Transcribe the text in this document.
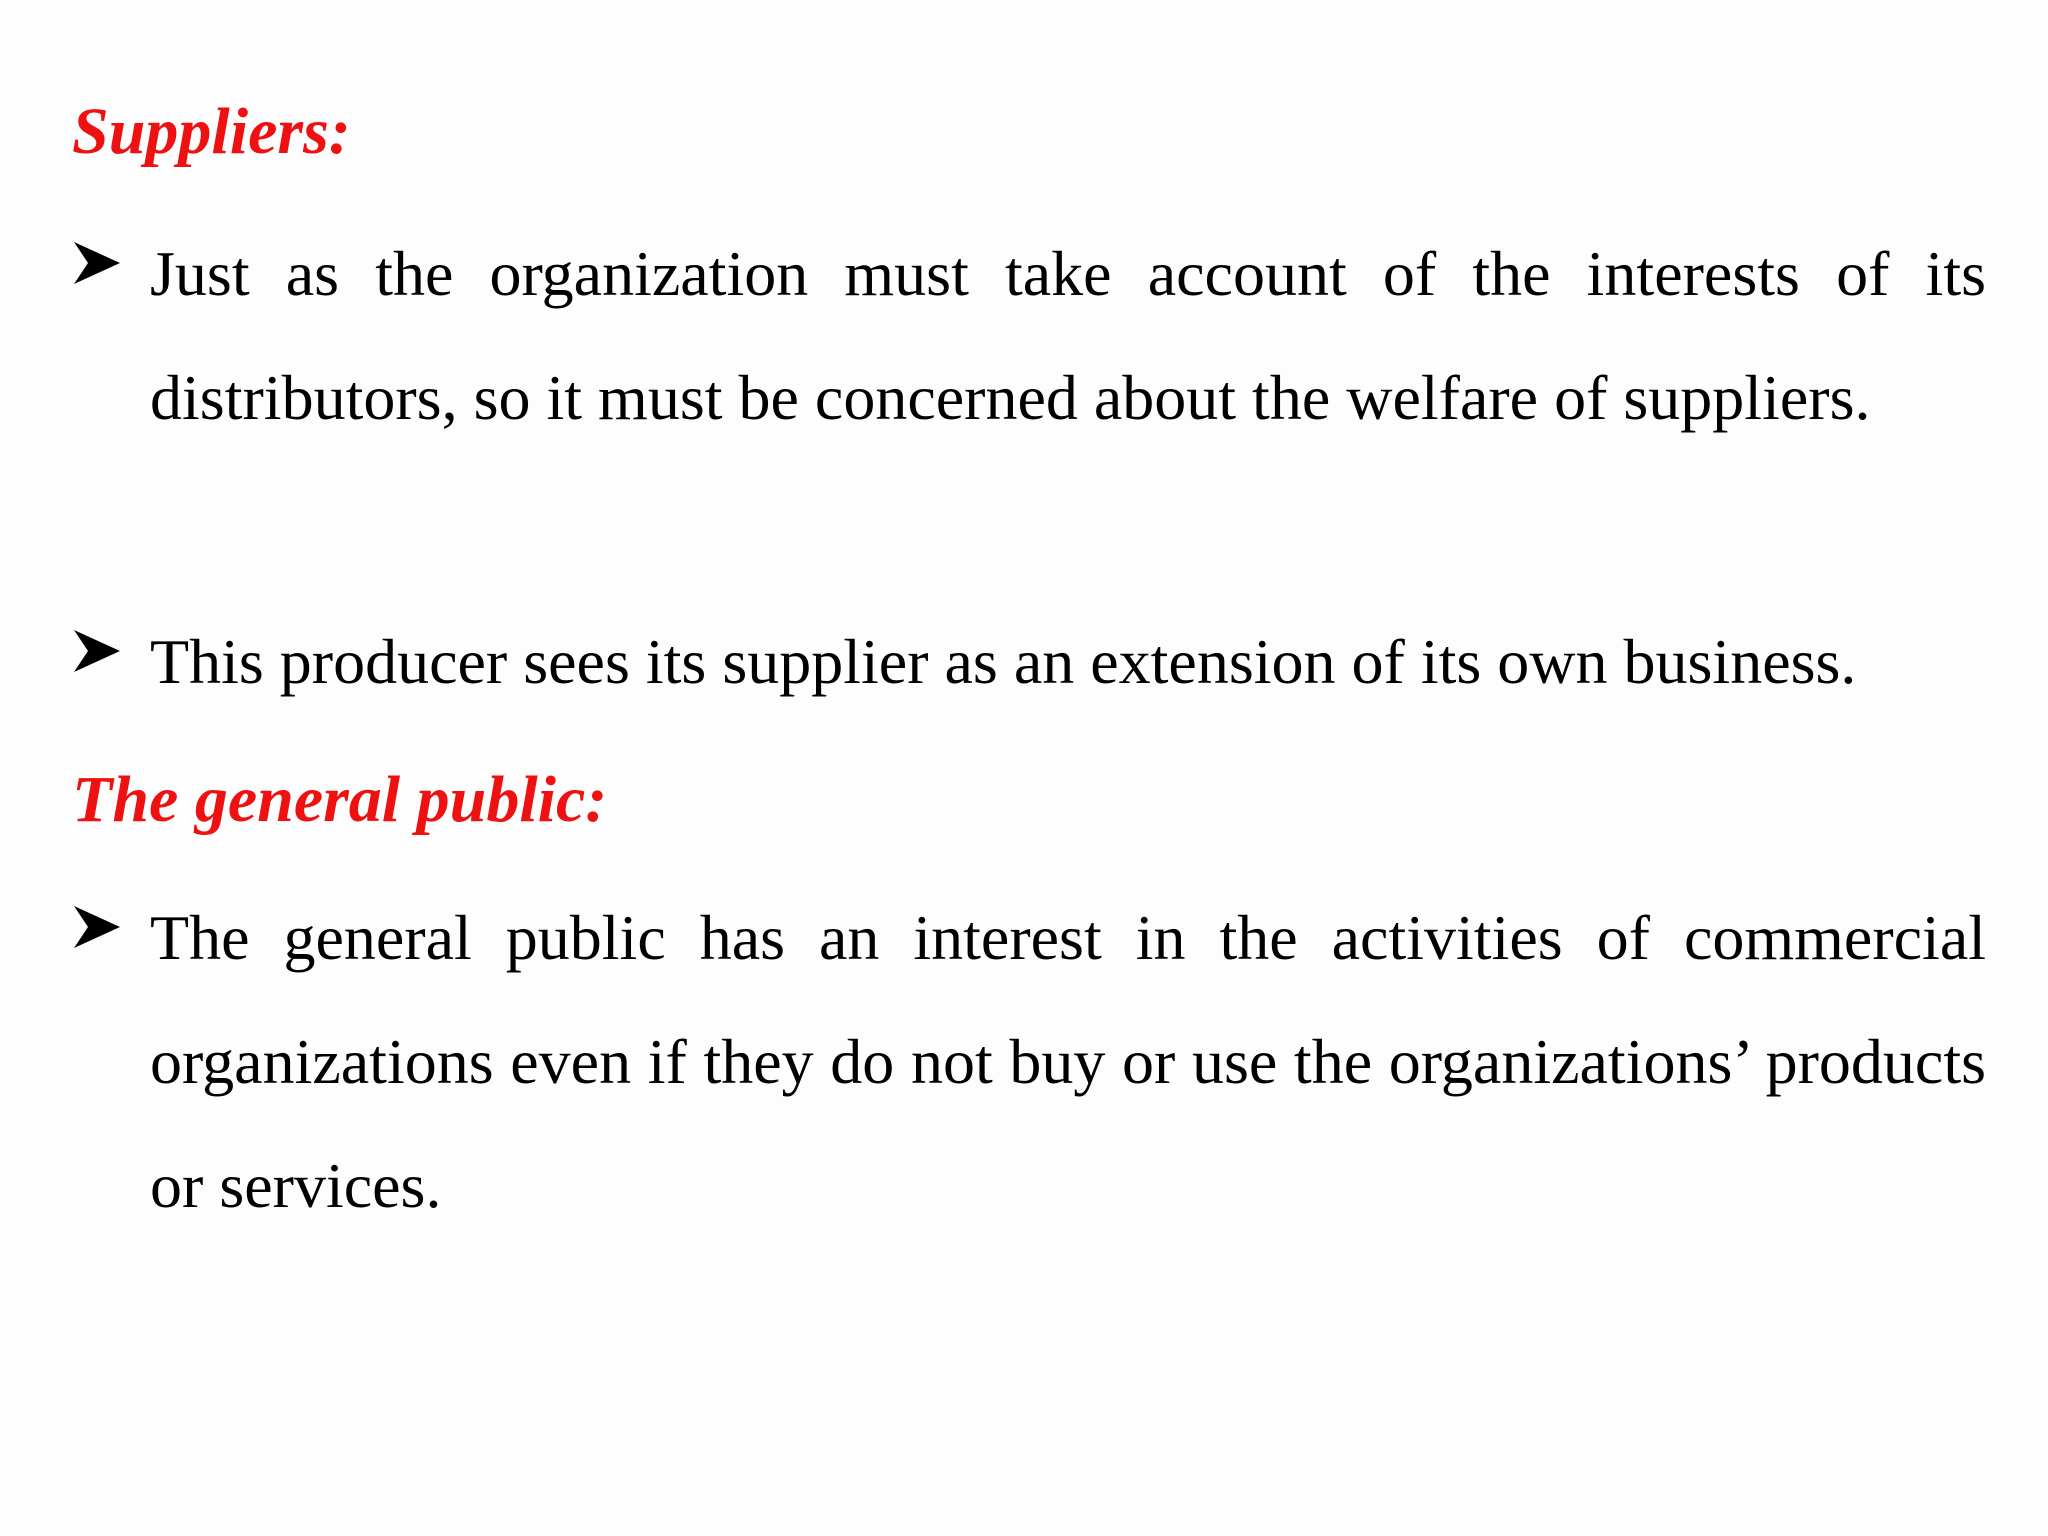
Suppliers:
Just as the organization must take account of the interests of its distributors, so it must be concerned about the welfare of suppliers.
This producer sees its supplier as an extension of its own business.
The general public:
The general public has an interest in the activities of commercial organizations even if they do not buy or use the organizations’ products or services.
